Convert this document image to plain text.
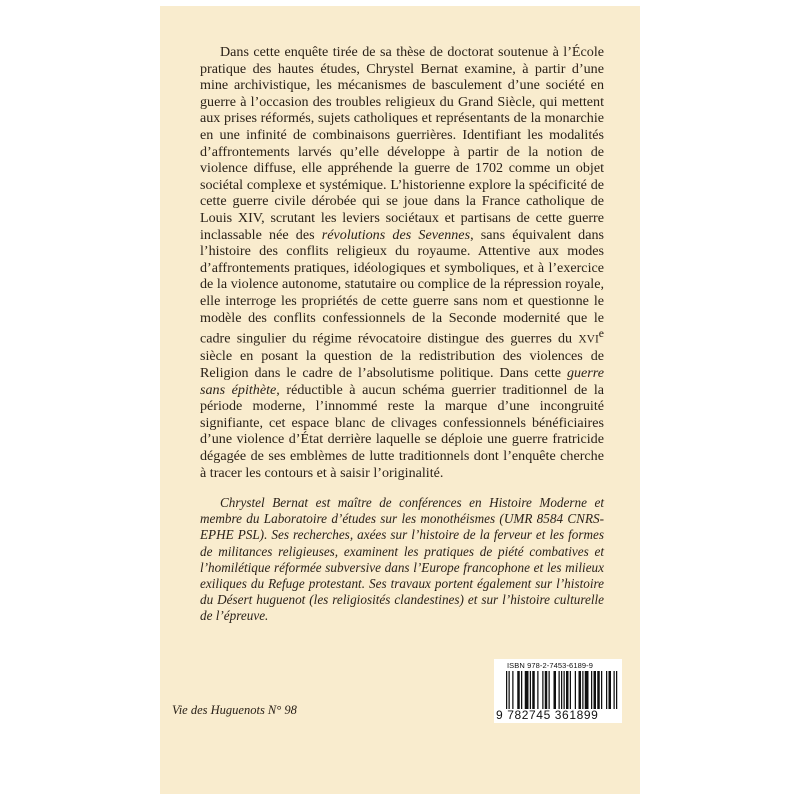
Dans cette enquête tirée de sa thèse de doctorat soutenue à l’École pratique des hautes études, Chrystel Bernat examine, à partir d’une mine archivistique, les mécanismes de basculement d’une société en guerre à l’occasion des troubles religieux du Grand Siècle, qui mettent aux prises réformés, sujets catholiques et représentants de la monarchie en une infinité de combinaisons guerrières. Identifiant les modalités d’affrontements larvés qu’elle développe à partir de la notion de violence diffuse, elle appréhende la guerre de 1702 comme un objet sociétal complexe et systémique. L’historienne explore la spécificité de cette guerre civile dérobée qui se joue dans la France catholique de Louis XIV, scrutant les leviers sociétaux et partisans de cette guerre inclassable née des révolutions des Sevennes, sans équivalent dans l’histoire des conflits religieux du royaume. Attentive aux modes d’affrontements pratiques, idéologiques et symboliques, et à l’exercice de la violence autonome, statutaire ou complice de la répression royale, elle interroge les propriétés de cette guerre sans nom et questionne le modèle des conflits confessionnels de la Seconde modernité que le cadre singulier du régime révocatoire distingue des guerres du XVIe siècle en posant la question de la redistribution des violences de Religion dans le cadre de l’absolutisme politique. Dans cette guerre sans épithète, réductible à aucun schéma guerrier traditionnel de la période moderne, l’innommé reste la marque d’une incongruité signifiante, cet espace blanc de clivages confessionnels bénéficiaires d’une violence d’État derrière laquelle se déploie une guerre fratricide dégagée de ses emblèmes de lutte traditionnels dont l’enquête cherche à tracer les contours et à saisir l’originalité.

Chrystel Bernat est maître de conférences en Histoire Moderne et membre du Laboratoire d’études sur les monothéismes (UMR 8584 CNRS-EPHE PSL). Ses recherches, axées sur l’histoire de la ferveur et les formes de militances religieuses, examinent les pratiques de piété combatives et l’homilétique réformée subversive dans l’Europe francophone et les milieux exiliques du Refuge protestant. Ses travaux portent également sur l’histoire du Désert huguenot (les religiosités clandestines) et sur l’histoire culturelle de l’épreuve.

Vie des Huguenots N° 98
ISBN 978-2-7453-6189-9
9 782745 361899
